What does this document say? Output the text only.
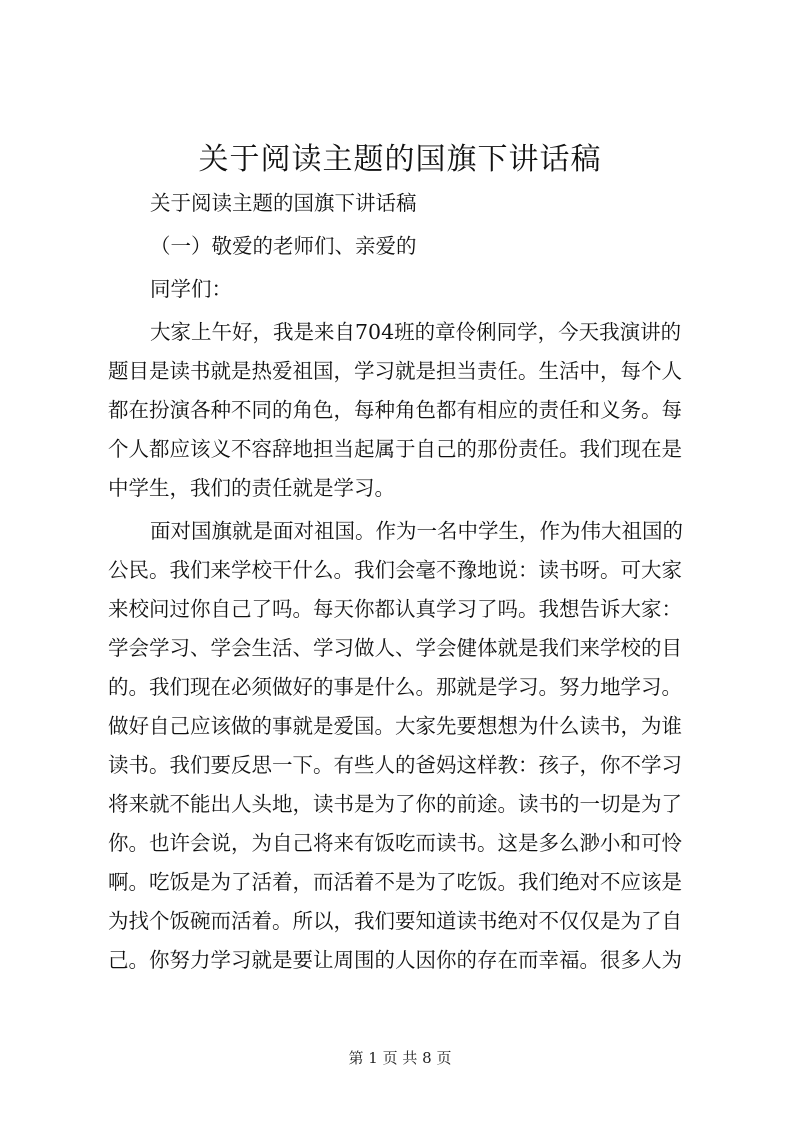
关于阅读主题的国旗下讲话稿
关于阅读主题的国旗下讲话稿
（一）敬爱的老师们、亲爱的
同学们：
大家上午好，我是来自704班的章伶俐同学，今天我演讲的
题目是读书就是热爱祖国，学习就是担当责任。生活中，每个人
都在扮演各种不同的角色，每种角色都有相应的责任和义务。每
个人都应该义不容辞地担当起属于自己的那份责任。我们现在是
中学生，我们的责任就是学习。
面对国旗就是面对祖国。作为一名中学生，作为伟大祖国的
公民。我们来学校干什么。我们会毫不豫地说：读书呀。可大家
来校问过你自己了吗。每天你都认真学习了吗。我想告诉大家：
学会学习、学会生活、学习做人、学会健体就是我们来学校的目
的。我们现在必须做好的事是什么。那就是学习。努力地学习。
做好自己应该做的事就是爱国。大家先要想想为什么读书，为谁
读书。我们要反思一下。有些人的爸妈这样教：孩子，你不学习
将来就不能出人头地，读书是为了你的前途。读书的一切是为了
你。也许会说，为自己将来有饭吃而读书。这是多么渺小和可怜
啊。吃饭是为了活着，而活着不是为了吃饭。我们绝对不应该是
为找个饭碗而活着。所以，我们要知道读书绝对不仅仅是为了自
己。你努力学习就是要让周围的人因你的存在而幸福。很多人为
第 1 页 共 8 页
